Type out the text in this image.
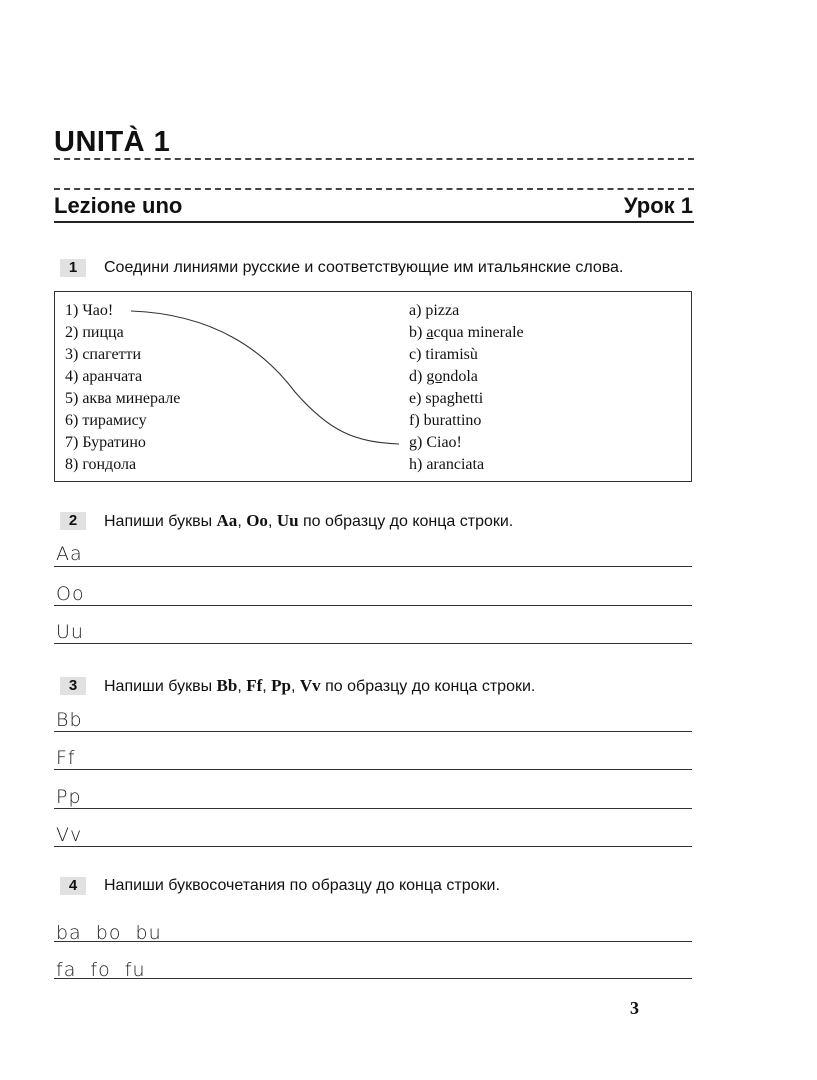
UNITÀ 1
Lezione uno	Урок 1
1	Соедини линиями русские и соответствующие им итальянские слова.
1) Чао!
2) пицца
3) спагетти
4) аранчата
5) аква минерале
6) тирамису
7) Буратино
8) гондола
a) pizza
b) acqua minerale
c) tiramisù
d) gondola
e) spaghetti
f) burattino
g) Ciao!
h) aranciata
2	Напиши буквы Aa, Oo, Uu по образцу до конца строки.
Aa
Oo
Uu
3	Напиши буквы Bb, Ff, Pp, Vv по образцу до конца строки.
Bb
Ff
Pp
Vv
4	Напиши буквосочетания по образцу до конца строки.
ba  bo  bu
fa  fo  fu
3
